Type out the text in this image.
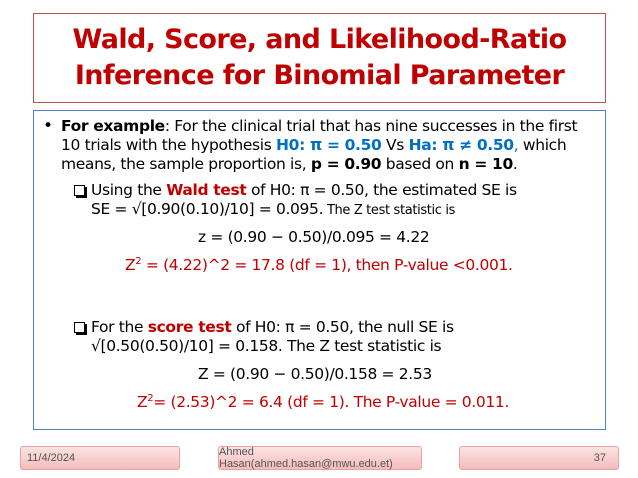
Wald, Score, and Likelihood-Ratio
Inference for Binomial Parameter
• For example: For the clinical trial that has nine successes in the first
10 trials with the hypothesis H0: π = 0.50 Vs Ha: π ≠ 0.50, which
means, the sample proportion is, p = 0.90 based on n = 10.
Using the Wald test of H0: π = 0.50, the estimated SE is
SE = √[0.90(0.10)/10] = 0.095. The Z test statistic is
z = (0.90 − 0.50)/0.095 = 4.22
$Z^2$ = (4.22)^2 = 17.8 (df = 1), then P-value <0.001.
For the score test of H0: π = 0.50, the null SE is
√[0.50(0.50)/10] = 0.158. The Z test statistic is
Z = (0.90 − 0.50)/0.158 = 2.53
$Z^2=$ (2.53)^2 = 6.4 (df = 1). The P-value = 0.011.
11/4/2024	Ahmed Hasan(ahmed.hasan@mwu.edu.et)	37
